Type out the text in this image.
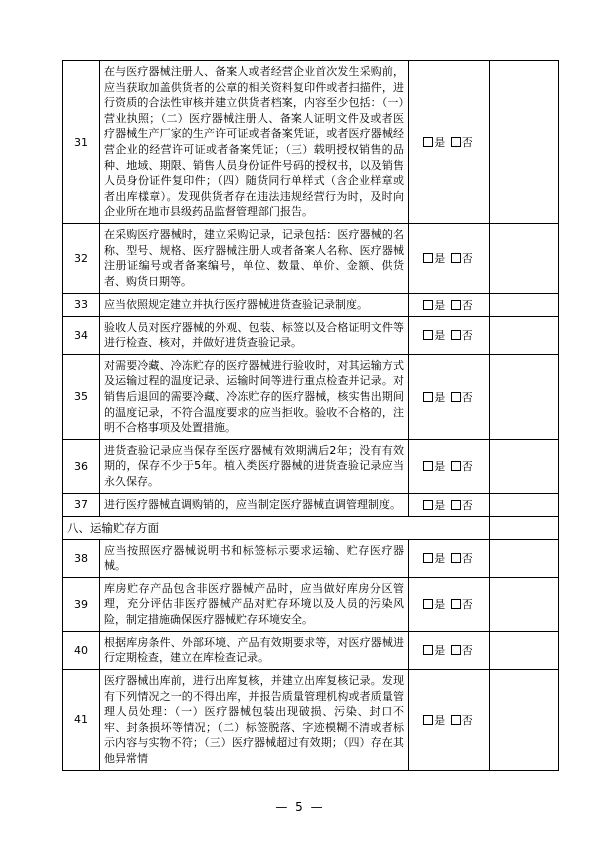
31	在与医疗器械注册人、备案人或者经营企业首次发生采购前，应当获取加盖供货者的公章的相关资料复印件或者扫描件，进行资质的合法性审核并建立供货者档案，内容至少包括：（一）营业执照；（二）医疗器械注册人、备案人证明文件及或者医疗器械生产厂家的生产许可证或者备案凭证，或者医疗器械经营企业的经营许可证或者备案凭证；（三）载明授权销售的品种、地域、期限、销售人员身份证件号码的授权书，以及销售人员身份证件复印件；（四）随货同行单样式（含企业样章或者出库樣章）。发现供货者存在违法违规经营行为时，及时向企业所在地市县级药品监督管理部门报告。	是 否	
32	在采购医疗器械时，建立采购记录，记录包括：医疗器械的名称、型号、规格、医疗器械注册人或者备案人名称、医疗器械注册证编号或者备案编号，单位、数量、单价、金额、供货者、购货日期等。	是 否	
33	应当依照规定建立并执行医疗器械进货查验记录制度。	是 否	
34	验收人员对医疗器械的外观、包装、标签以及合格证明文件等进行检查、核对，并做好进货查验记录。	是 否	
35	对需要冷藏、冷冻贮存的医疗器械进行验收时，对其运输方式及运输过程的温度记录、运输时间等进行重点检查并记录。对销售后退回的需要冷藏、冷冻贮存的医疗器械，核实售出期间的温度记录，不符合温度要求的应当拒收。验收不合格的，注明不合格事项及处置措施。	是 否	
36	进货查验记录应当保存至医疗器械有效期满后2年；没有有效期的，保存不少于5年。植入类医疗器械的进货查验记录应当永久保存。	是 否	
37	进行医疗器械直调购销的，应当制定医疗器械直调管理制度。	是 否	
八、运输贮存方面			
38	应当按照医疗器械说明书和标签标示要求运输、贮存医疗器械。	是 否	
39	库房贮存产品包含非医疗器械产品时，应当做好库房分区管理，充分评估非医疗器械产品对贮存环境以及人员的污染风险，制定措施确保医疗器械贮存环境安全。	是 否	
40	根据库房条件、外部环境、产品有效期要求等，对医疗器械进行定期检查，建立在库检查记录。	是 否	
41	医疗器械出库前，进行出库复核，并建立出库复核记录。发现有下列情况之一的不得出库，并报告质量管理机构或者质量管理人员处理：（一）医疗器械包装出现破损、污染、封口不牢、封条损坏等情况；（二）标签脱落、字迹模糊不清或者标示内容与实物不符；（三）医疗器械超过有效期；（四）存在其他异常情	是 否	
— 5 —
